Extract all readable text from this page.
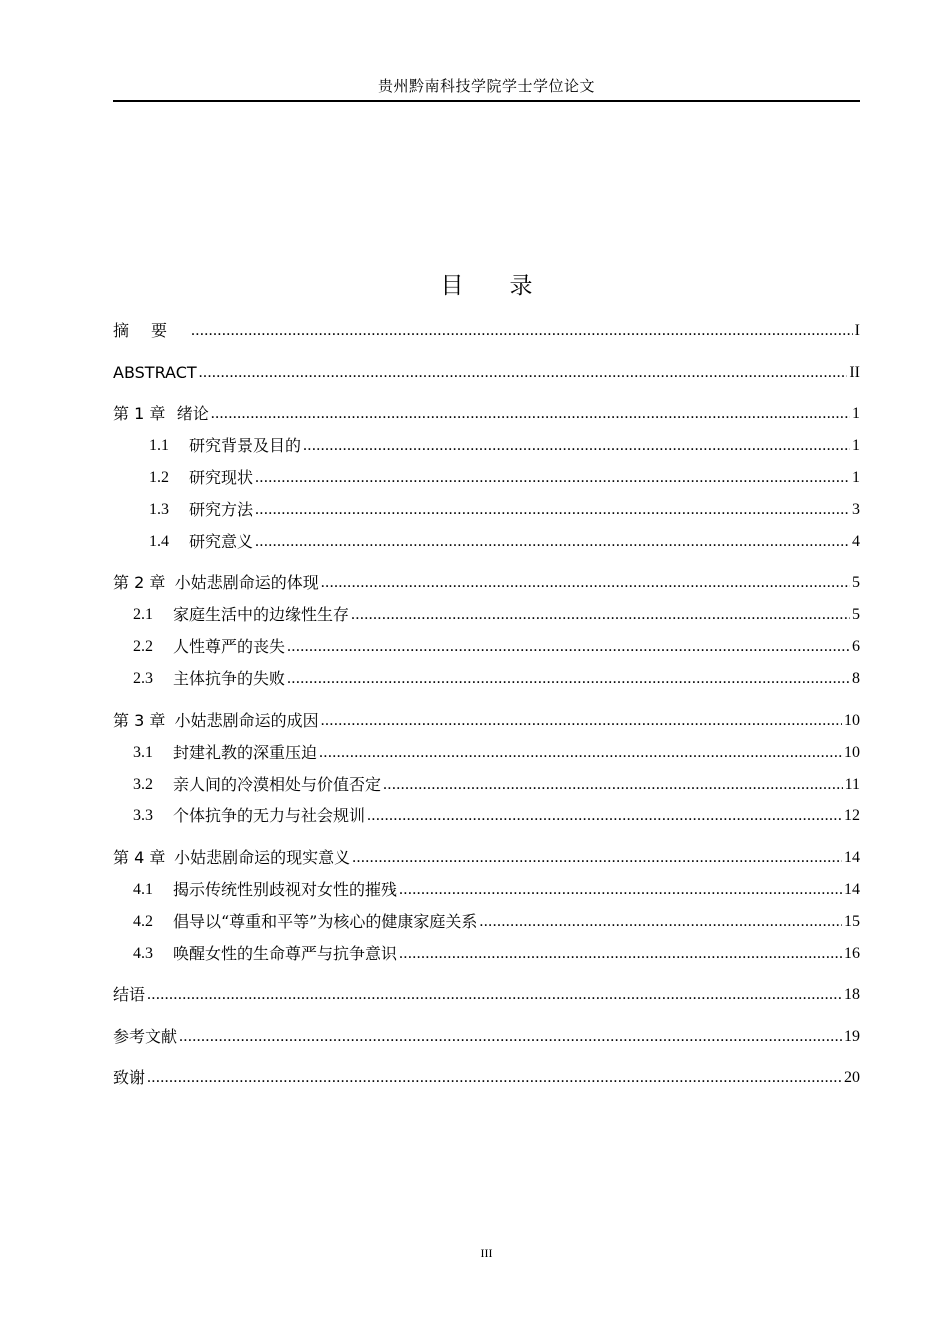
贵州黔南科技学院学士学位论文
目录
摘要 .....	I
ABSTRACT .....	II
第 1 章 绪论 .....	1
1.1 研究背景及目的 .....	1
1.2 研究现状 .....	1
1.3 研究方法 .....	3
1.4 研究意义 .....	4
第 2 章 小姑悲剧命运的体现 .....	5
2.1 家庭生活中的边缘性生存 .....	5
2.2 人性尊严的丧失 .....	6
2.3 主体抗争的失败 .....	8
第 3 章 小姑悲剧命运的成因 .....	10
3.1 封建礼教的深重压迫 .....	10
3.2 亲人间的冷漠相处与价值否定 .....	11
3.3 个体抗争的无力与社会规训 .....	12
第 4 章 小姑悲剧命运的现实意义 .....	14
4.1 揭示传统性别歧视对女性的摧残 .....	14
4.2 倡导以“尊重和平等”为核心的健康家庭关系 .....	15
4.3 唤醒女性的生命尊严与抗争意识 .....	16
结语 .....	18
参考文献 .....	19
致谢 .....	20
III
